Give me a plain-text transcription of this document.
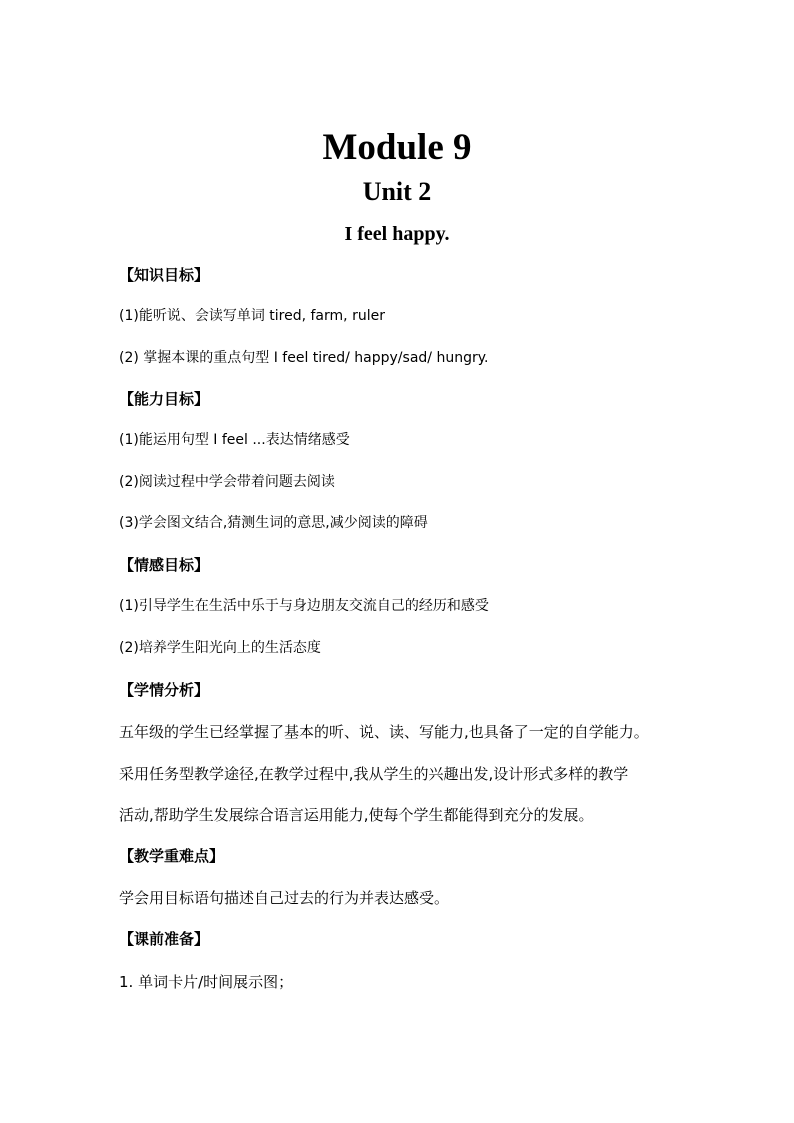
Module 9
Unit 2
I feel happy.
【知识目标】
(1)能听说、会读写单词 tired, farm, ruler
(2) 掌握本课的重点句型 I feel tired/ happy/sad/ hungry.
【能力目标】
(1)能运用句型 I feel ...表达情绪感受
(2)阅读过程中学会带着问题去阅读
(3)学会图文结合,猜测生词的意思,减少阅读的障碍
【情感目标】
(1)引导学生在生活中乐于与身边朋友交流自己的经历和感受
(2)培养学生阳光向上的生活态度
【学情分析】
五年级的学生已经掌握了基本的听、说、读、写能力,也具备了一定的自学能力。
采用任务型教学途径,在教学过程中,我从学生的兴趣出发,设计形式多样的教学
活动,帮助学生发展综合语言运用能力,使每个学生都能得到充分的发展。
【教学重难点】
学会用目标语句描述自己过去的行为并表达感受。
【课前准备】
1. 单词卡片/时间展示图；
